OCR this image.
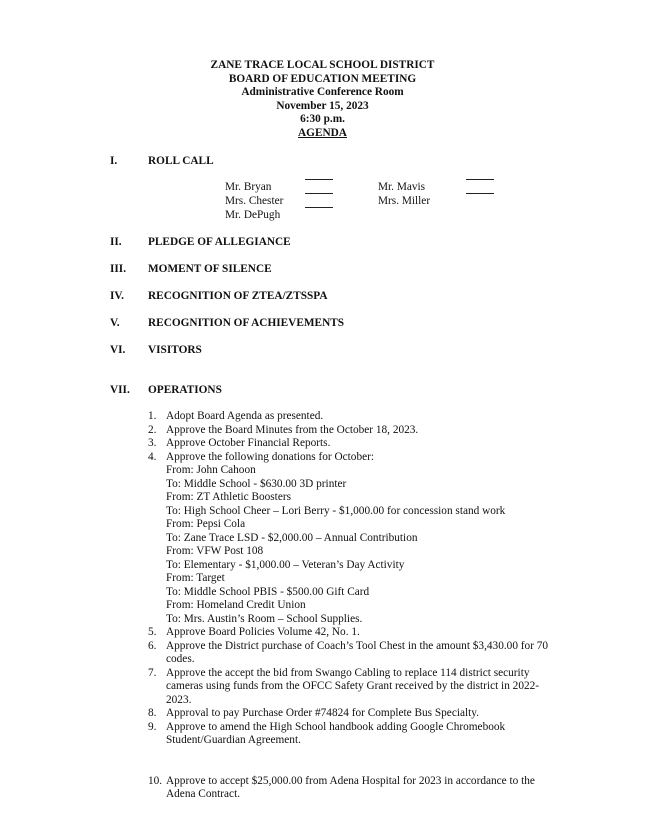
ZANE TRACE LOCAL SCHOOL DISTRICT
BOARD OF EDUCATION MEETING
Administrative Conference Room
November 15, 2023
6:30 p.m.
AGENDA
I.	ROLL CALL
Mr. Bryan
Mrs. Chester
Mr. DePugh
Mr. Mavis
Mrs. Miller
II. PLEDGE OF ALLEGIANCE
III. MOMENT OF SILENCE
IV. RECOGNITION OF ZTEA/ZTSSPA
V.	RECOGNITION OF ACHIEVEMENTS
VI. VISITORS
VII. OPERATIONS
1. Adopt Board Agenda as presented.
2. Approve the Board Minutes from the October 18, 2023.
3. Approve October Financial Reports.
4. Approve the following donations for October:
From: John Cahoon
To: Middle School - $630.00 3D printer
From: ZT Athletic Boosters
To: High School Cheer – Lori Berry - $1,000.00 for concession stand work
From: Pepsi Cola
To: Zane Trace LSD - $2,000.00 – Annual Contribution
From: VFW Post 108
To: Elementary - $1,000.00 – Veteran’s Day Activity
From: Target
To: Middle School PBIS - $500.00 Gift Card
From: Homeland Credit Union
To: Mrs. Austin’s Room – School Supplies.
5. Approve Board Policies Volume 42, No. 1.
6. Approve the District purchase of Coach’s Tool Chest in the amount $3,430.00 for 70 codes.
7. Approve the accept the bid from Swango Cabling to replace 114 district security cameras using funds from the OFCC Safety Grant received by the district in 2022-2023.
8. Approval to pay Purchase Order #74824 for Complete Bus Specialty.
9. Approve to amend the High School handbook adding Google Chromebook Student/Guardian Agreement.
10. Approve to accept $25,000.00 from Adena Hospital for 2023 in accordance to the Adena Contract.
